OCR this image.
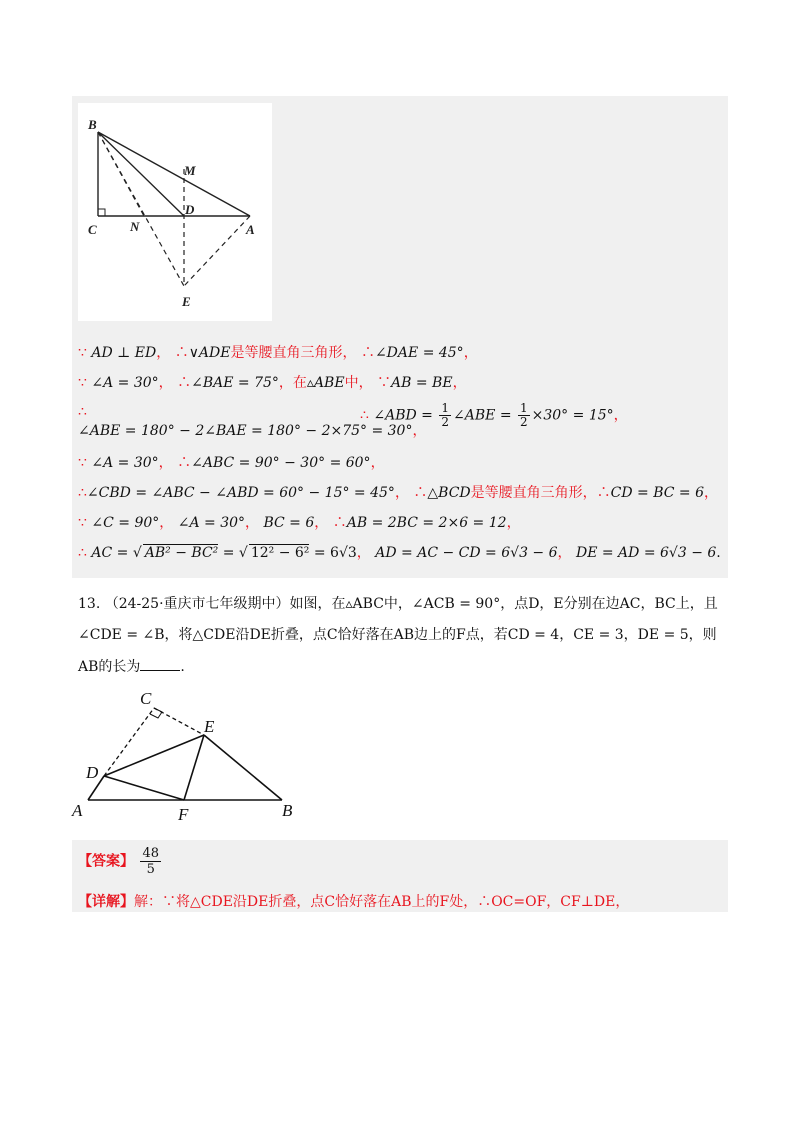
B
M
D
C	N	A
E
∵ AD ⊥ ED， ∴∨ADE是等腰直角三角形， ∴∠DAE = 45°，
∵ ∠A = 30°， ∴∠BAE = 75°，在▵ABE中， ∵AB = BE，
∴
∠ABE = 180° − 2∠BAE = 180° − 2×75° = 30°，
∴ ∠ABD = $\frac{1}{2}$ ∠ABE = $\frac{1}{2} \times 30^\circ = 15^\circ$，
∵ ∠A = 30°， ∴∠ABC = 90° − 30° = 60°，
∴∠CBD = ∠ABC − ∠ABD = 60° − 15° = 45°， ∴△BCD是等腰直角三角形，∴CD = BC = 6，
∵ ∠C = 90°， ∠A = 30°， BC = 6， ∴AB = 2BC = 2×6 = 12，
∴ AC = √ AB² − BC² = √ 12² − 6² = 6√3， AD = AC − CD = 6√3 − 6， DE = AD = 6√3 − 6.
13. （24-25·重庆市七年级期中）如图，在▵ABC中，∠ACB = 90°，点D，E分别在边AC，BC上，且
∠CDE = ∠B，将△CDE沿DE折叠，点C恰好落在AB边上的F点，若CD = 4，CE = 3，DE = 5，则
AB的长为	.
C
E
D
A	F	B
【答案】 $\frac{48}{5}$
【详解】解：∵将△CDE沿DE折叠，点C恰好落在AB上的F处，∴OC=OF，CF⊥DE，
